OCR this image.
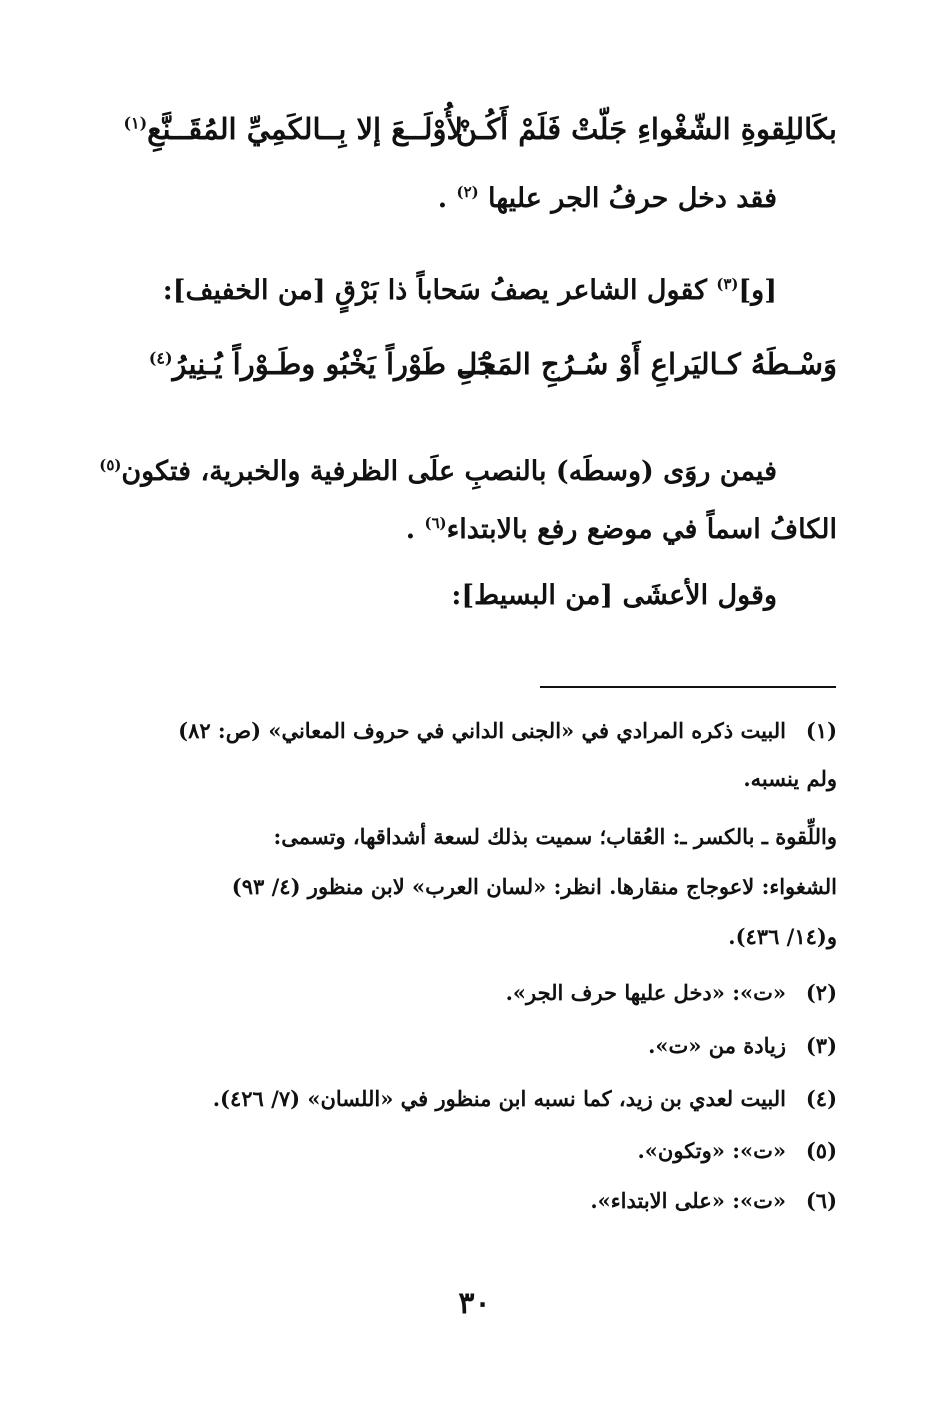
بكَاللِقوةِ الشّغْواءِ جَلّتْ فَلَمْ أَكُـنْ
لأُوْلَــعَ إلا بِــالكَمِيِّ المُقَــنَّعِ$^{(١)}$
فقد دخل حرفُ الجر عليها $^{(٢)}$ .
[و]$^{(٣)}$ كقول الشاعر يصفُ سَحاباً ذا بَرْقٍ [من الخفيف]:
وَسْـطَهُ كـاليَراعِ أَوْ سُـرُجِ المَجْــ
ـدَلِ طَوْراً يَخْبُو وطَـوْراً يُـنِيرُ$^{(٤)}$
فيمن روَى (وسطَه) بالنصبِ علَى الظرفية والخبرية، فتكون$^{(٥)}$
الكافُ اسماً في موضع رفع بالابتداء$^{(٦)}$ .
وقول الأعشَى [من البسيط]:
(١)
البيت ذكره المرادي في «الجنى الداني في حروف المعاني» (ص: ٨٢)
ولم ينسبه.
واللِّقوة ـ بالكسر ـ: العُقاب؛ سميت بذلك لسعة أشداقها، وتسمى:
الشغواء: لاعوجاج منقارها. انظر: «لسان العرب» لابن منظور (٤/ ٩٣)
و(١٤/ ٤٣٦).
(٢)
«ت»: «دخل عليها حرف الجر».
(٣)
زيادة من «ت».
(٤)
البيت لعدي بن زيد، كما نسبه ابن منظور في «اللسان» (٧/ ٤٢٦).
(٥)
«ت»: «وتكون».
(٦)
«ت»: «على الابتداء».
٣٠
